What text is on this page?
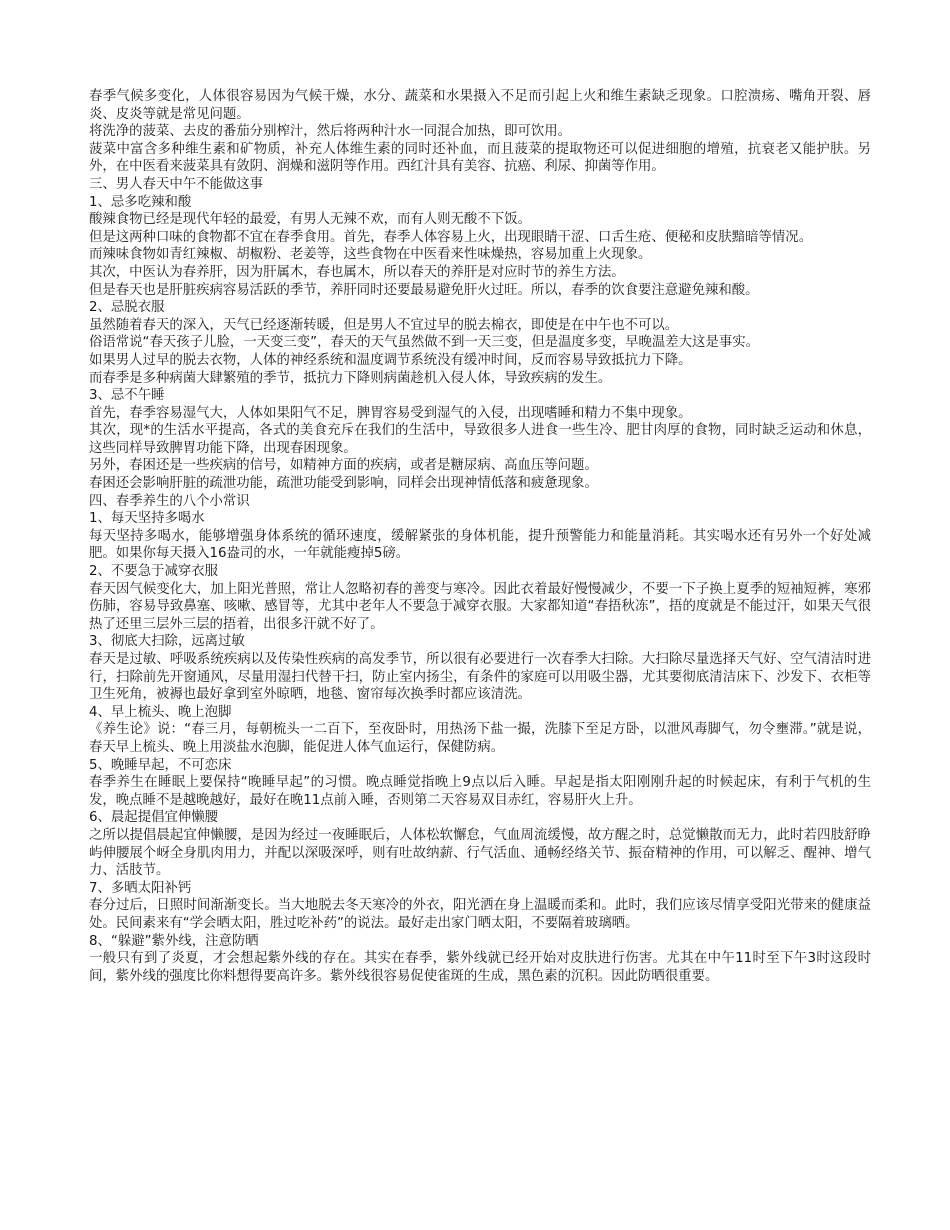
春季气候多变化，人体很容易因为气候干燥，水分、蔬菜和水果摄入不足而引起上火和维生素缺乏现象。口腔溃疡、嘴角开裂、唇炎、皮炎等就是常见问题。

将洗净的菠菜、去皮的番茄分别榨汁，然后将两种汁水一同混合加热，即可饮用。

菠菜中富含多种维生素和矿物质，补充人体维生素的同时还补血，而且菠菜的提取物还可以促进细胞的增殖，抗衰老又能护肤。另外，在中医看来菠菜具有敛阴、润燥和滋阴等作用。西红汁具有美容、抗癌、利尿、抑菌等作用。

三、男人春天中午不能做这事

1、忌多吃辣和酸

酸辣食物已经是现代年轻的最爱，有男人无辣不欢，而有人则无酸不下饭。

但是这两种口味的食物都不宜在春季食用。首先，春季人体容易上火，出现眼睛干涩、口舌生疮、便秘和皮肤黯暗等情况。

而辣味食物如青红辣椒、胡椒粉、老姜等，这些食物在中医看来性味燥热，容易加重上火现象。

其次，中医认为春养肝，因为肝属木，春也属木，所以春天的养肝是对应时节的养生方法。

但是春天也是肝脏疾病容易活跃的季节，养肝同时还要最易避免肝火过旺。所以，春季的饮食要注意避免辣和酸。

2、忌脱衣服

虽然随着春天的深入，天气已经逐渐转暖，但是男人不宜过早的脱去棉衣，即使是在中午也不可以。

俗语常说“春天孩子儿脸，一天变三变”，春天的天气虽然做不到一天三变，但是温度多变，早晚温差大这是事实。

如果男人过早的脱去衣物，人体的神经系统和温度调节系统没有缓冲时间，反而容易导致抵抗力下降。

而春季是多种病菌大肆繁殖的季节，抵抗力下降则病菌趁机入侵人体，导致疾病的发生。

3、忌不午睡

首先，春季容易湿气大，人体如果阳气不足，脾胃容易受到湿气的入侵，出现嗜睡和精力不集中现象。

其次，现*的生活水平提高，各式的美食充斥在我们的生活中，导致很多人进食一些生冷、肥甘肉厚的食物，同时缺乏运动和休息，这些同样导致脾胃功能下降，出现春困现象。

另外，春困还是一些疾病的信号，如精神方面的疾病，或者是糖尿病、高血压等问题。

春困还会影响肝脏的疏泄功能，疏泄功能受到影响，同样会出现神情低落和疲惫现象。

四、春季养生的八个小常识

1、每天坚持多喝水

每天坚持多喝水，能够增强身体系统的循环速度，缓解紧张的身体机能，提升预警能力和能量消耗。其实喝水还有另外一个好处减肥。如果你每天摄入16盎司的水，一年就能瘦掉5磅。

2、不要急于减穿衣服

春天因气候变化大，加上阳光普照，常让人忽略初春的善变与寒冷。因此衣着最好慢慢减少，不要一下子换上夏季的短袖短裤，寒邪伤肺，容易导致鼻塞、咳嗽、感冒等，尤其中老年人不要急于减穿衣服。大家都知道“春捂秋冻”，捂的度就是不能过汗，如果天气很热了还里三层外三层的捂着，出很多汗就不好了。

3、彻底大扫除，远离过敏

春天是过敏、呼吸系统疾病以及传染性疾病的高发季节，所以很有必要进行一次春季大扫除。大扫除尽量选择天气好、空气清洁时进行，扫除前先开窗通风，尽量用湿扫代替干扫，防止室内扬尘，有条件的家庭可以用吸尘器，尤其要彻底清洁床下、沙发下、衣柜等卫生死角，被褥也最好拿到室外晾晒，地毯、窗帘每次换季时都应该清洗。

4、早上梳头、晚上泡脚

《养生论》说：“春三月，每朝梳头一二百下，至夜卧时，用热汤下盐一撮，洗膝下至足方卧，以泄风毒脚气，勿令壅滞。”就是说，春天早上梳头、晚上用淡盐水泡脚，能促进人体气血运行，保健防病。

5、晚睡早起，不可恋床

春季养生在睡眠上要保持“晚睡早起”的习惯。晚点睡觉指晚上9点以后入睡。早起是指太阳刚刚升起的时候起床，有利于气机的生发，晚点睡不是越晚越好，最好在晚11点前入睡，否则第二天容易双目赤红，容易肝火上升。

6、晨起提倡宜伸懒腰

之所以提倡晨起宜伸懒腰，是因为经过一夜睡眠后，人体松软懈怠，气血周流缓慢，故方醒之时，总觉懒散而无力，此时若四肢舒睁屿伸腰展个岈全身肌肉用力，并配以深吸深呼，则有吐故纳薪、行气活血、通畅经络关节、振奋精神的作用，可以解乏、醒神、增气力、活肢节。

7、多晒太阳补钙

春分过后，日照时间渐渐变长。当大地脱去冬天寒冷的外衣，阳光洒在身上温暖而柔和。此时，我们应该尽情享受阳光带来的健康益处。民间素来有“学会晒太阳，胜过吃补药”的说法。最好走出家门晒太阳，不要隔着玻璃晒。

8、“躲避”紫外线，注意防晒

一般只有到了炎夏，才会想起紫外线的存在。其实在春季，紫外线就已经开始对皮肤进行伤害。尤其在中午11时至下午3时这段时间，紫外线的强度比你料想得要高许多。紫外线很容易促使雀斑的生成，黑色素的沉积。因此防晒很重要。
